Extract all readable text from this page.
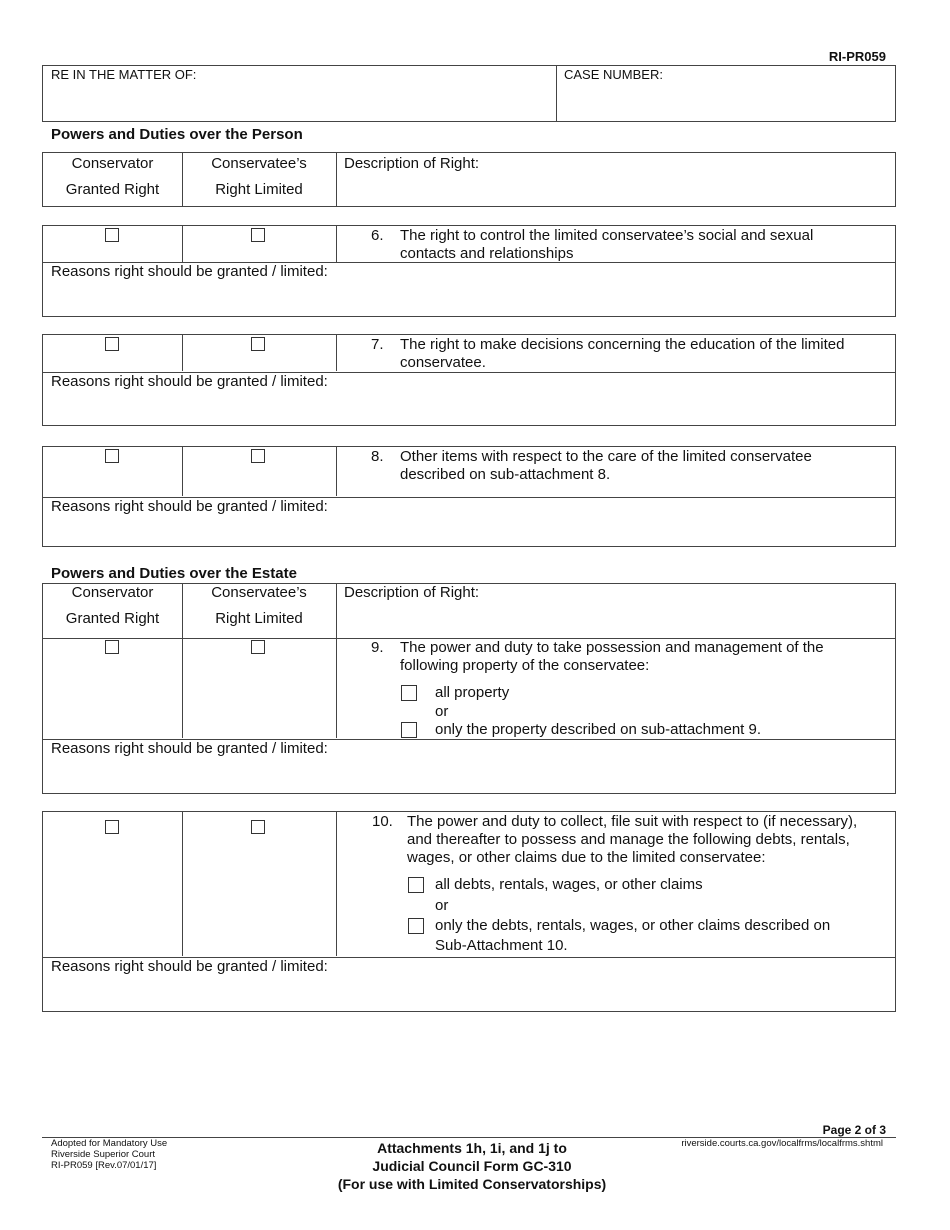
RI-PR059
RE IN THE MATTER OF:	CASE NUMBER:
Powers and Duties over the Person
Conservator
Granted Right
Conservatee’s
Right Limited
Description of Right:
6. The right to control the limited conservatee’s social and sexual contacts and relationships
Reasons right should be granted / limited:
7. The right to make decisions concerning the education of the limited conservatee.
Reasons right should be granted / limited:
8. Other items with respect to the care of the limited conservatee described on sub-attachment 8.
Reasons right should be granted / limited:
Powers and Duties over the Estate
Conservator
Granted Right
Conservatee’s
Right Limited
Description of Right:
9. The power and duty to take possession and management of the following property of the conservatee:
all property
or
only the property described on sub-attachment 9.
Reasons right should be granted / limited:
10. The power and duty to collect, file suit with respect to (if necessary), and thereafter to possess and manage the following debts, rentals, wages, or other claims due to the limited conservatee:
all debts, rentals, wages, or other claims
or
only the debts, rentals, wages, or other claims described on
Sub-Attachment 10.
Reasons right should be granted / limited:
Page 2 of 3
Adopted for Mandatory Use
Riverside Superior Court
RI-PR059 [Rev.07/01/17]
Attachments 1h, 1i, and 1j to
Judicial Council Form GC-310
(For use with Limited Conservatorships)
riverside.courts.ca.gov/localfrms/localfrms.shtml
